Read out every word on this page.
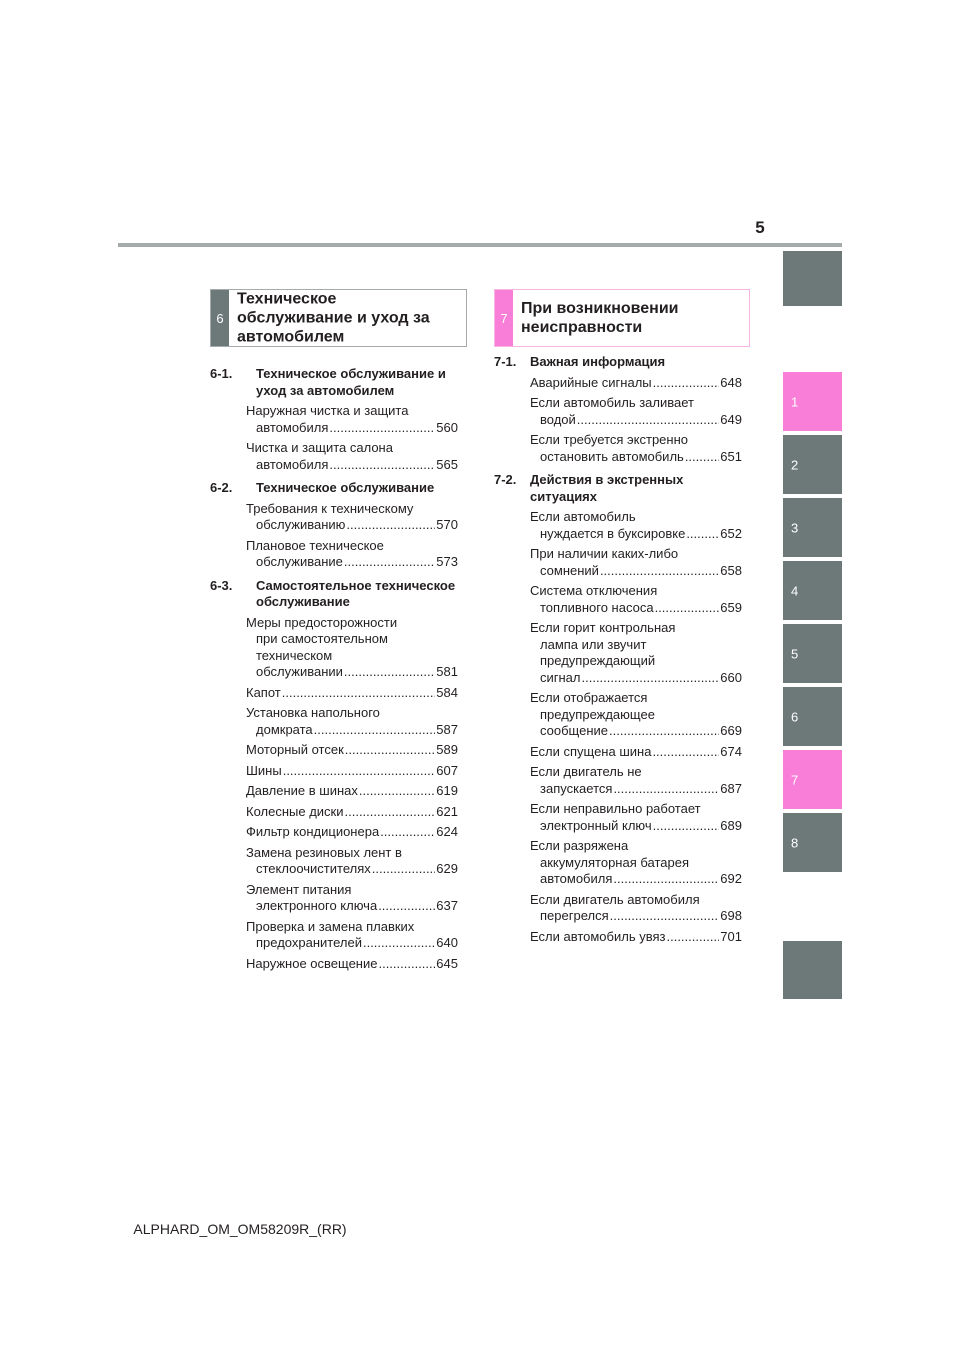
5
1
2
3
4
5
6
7
8
6
Техническое
обслуживание и уход за
автомобилем
7
При возникновении
неисправности
6-1. Техническое обслуживание и
уход за автомобилем
Наружная чистка и защита
автомобиля .....	560
Чистка и защита салона
автомобиля .....	565
6-2. Техническое обслуживание
Требования к техническому
обслуживанию .....	570
Плановое техническое
обслуживание .....	573
6-3. Самостоятельное техническое
обслуживание
Меры предосторожности
при самостоятельном
техническом
обслуживании .....	581
Капот .....	584
Установка напольного
домкрата .....	587
Моторный отсек .....	589
Шины .....	607
Давление в шинах .....	619
Колесные диски .....	621
Фильтр кондиционера .....	624
Замена резиновых лент в
стеклоочистителях .....	629
Элемент питания
электронного ключа .....	637
Проверка и замена плавких
предохранителей .....	640
Наружное освещение .....	645
7-1. Важная информация
Аварийные сигналы .....	648
Если автомобиль заливает
водой .....	649
Если требуется экстренно
остановить автомобиль .....	651
7-2. Действия в экстренных
ситуациях
Если автомобиль
нуждается в буксировке .....	652
При наличии каких-либо
сомнений .....	658
Система отключения
топливного насоса .....	659
Если горит контрольная
лампа или звучит
предупреждающий
сигнал .....	660
Если отображается
предупреждающее
сообщение .....	669
Если спущена шина .....	674
Если двигатель не
запускается .....	687
Если неправильно работает
электронный ключ .....	689
Если разряжена
аккумуляторная батарея
автомобиля .....	692
Если двигатель автомобиля
перегрелся .....	698
Если автомобиль увяз .....	701
ALPHARD_OM_OM58209R_(RR)
